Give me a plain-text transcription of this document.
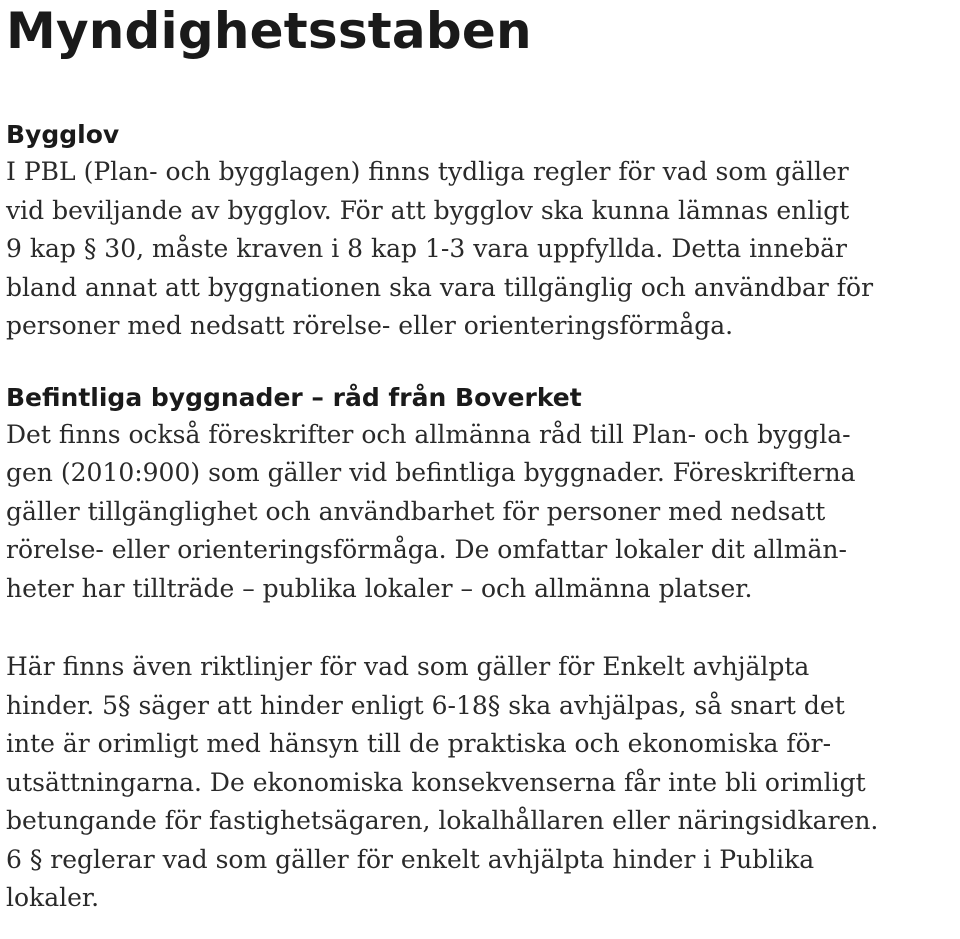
Myndighetsstaben
Bygglov

I PBL (Plan- och bygglagen) finns tydliga regler för vad som gäller
vid beviljande av bygglov. För att bygglov ska kunna lämnas enligt
9 kap § 30, måste kraven i 8 kap 1-3 vara uppfyllda. Detta innebär
bland annat att byggnationen ska vara tillgänglig och användbar för
personer med nedsatt rörelse- eller orienteringsförmåga.

Befintliga byggnader – råd från Boverket

Det finns också föreskrifter och allmänna råd till Plan- och byggla-
gen (2010:900) som gäller vid befintliga byggnader. Föreskrifterna
gäller tillgänglighet och användbarhet för personer med nedsatt
rörelse- eller orienteringsförmåga. De omfattar lokaler dit allmän-
heter har tillträde – publika lokaler – och allmänna platser.

Här finns även riktlinjer för vad som gäller för Enkelt avhjälpta
hinder. 5§ säger att hinder enligt 6-18§ ska avhjälpas, så snart det
inte är orimligt med hänsyn till de praktiska och ekonomiska för-
utsättningarna. De ekonomiska konsekvenserna får inte bli orimligt
betungande för fastighetsägaren, lokalhållaren eller näringsidkaren.
6 § reglerar vad som gäller för enkelt avhjälpta hinder i Publika
lokaler.
